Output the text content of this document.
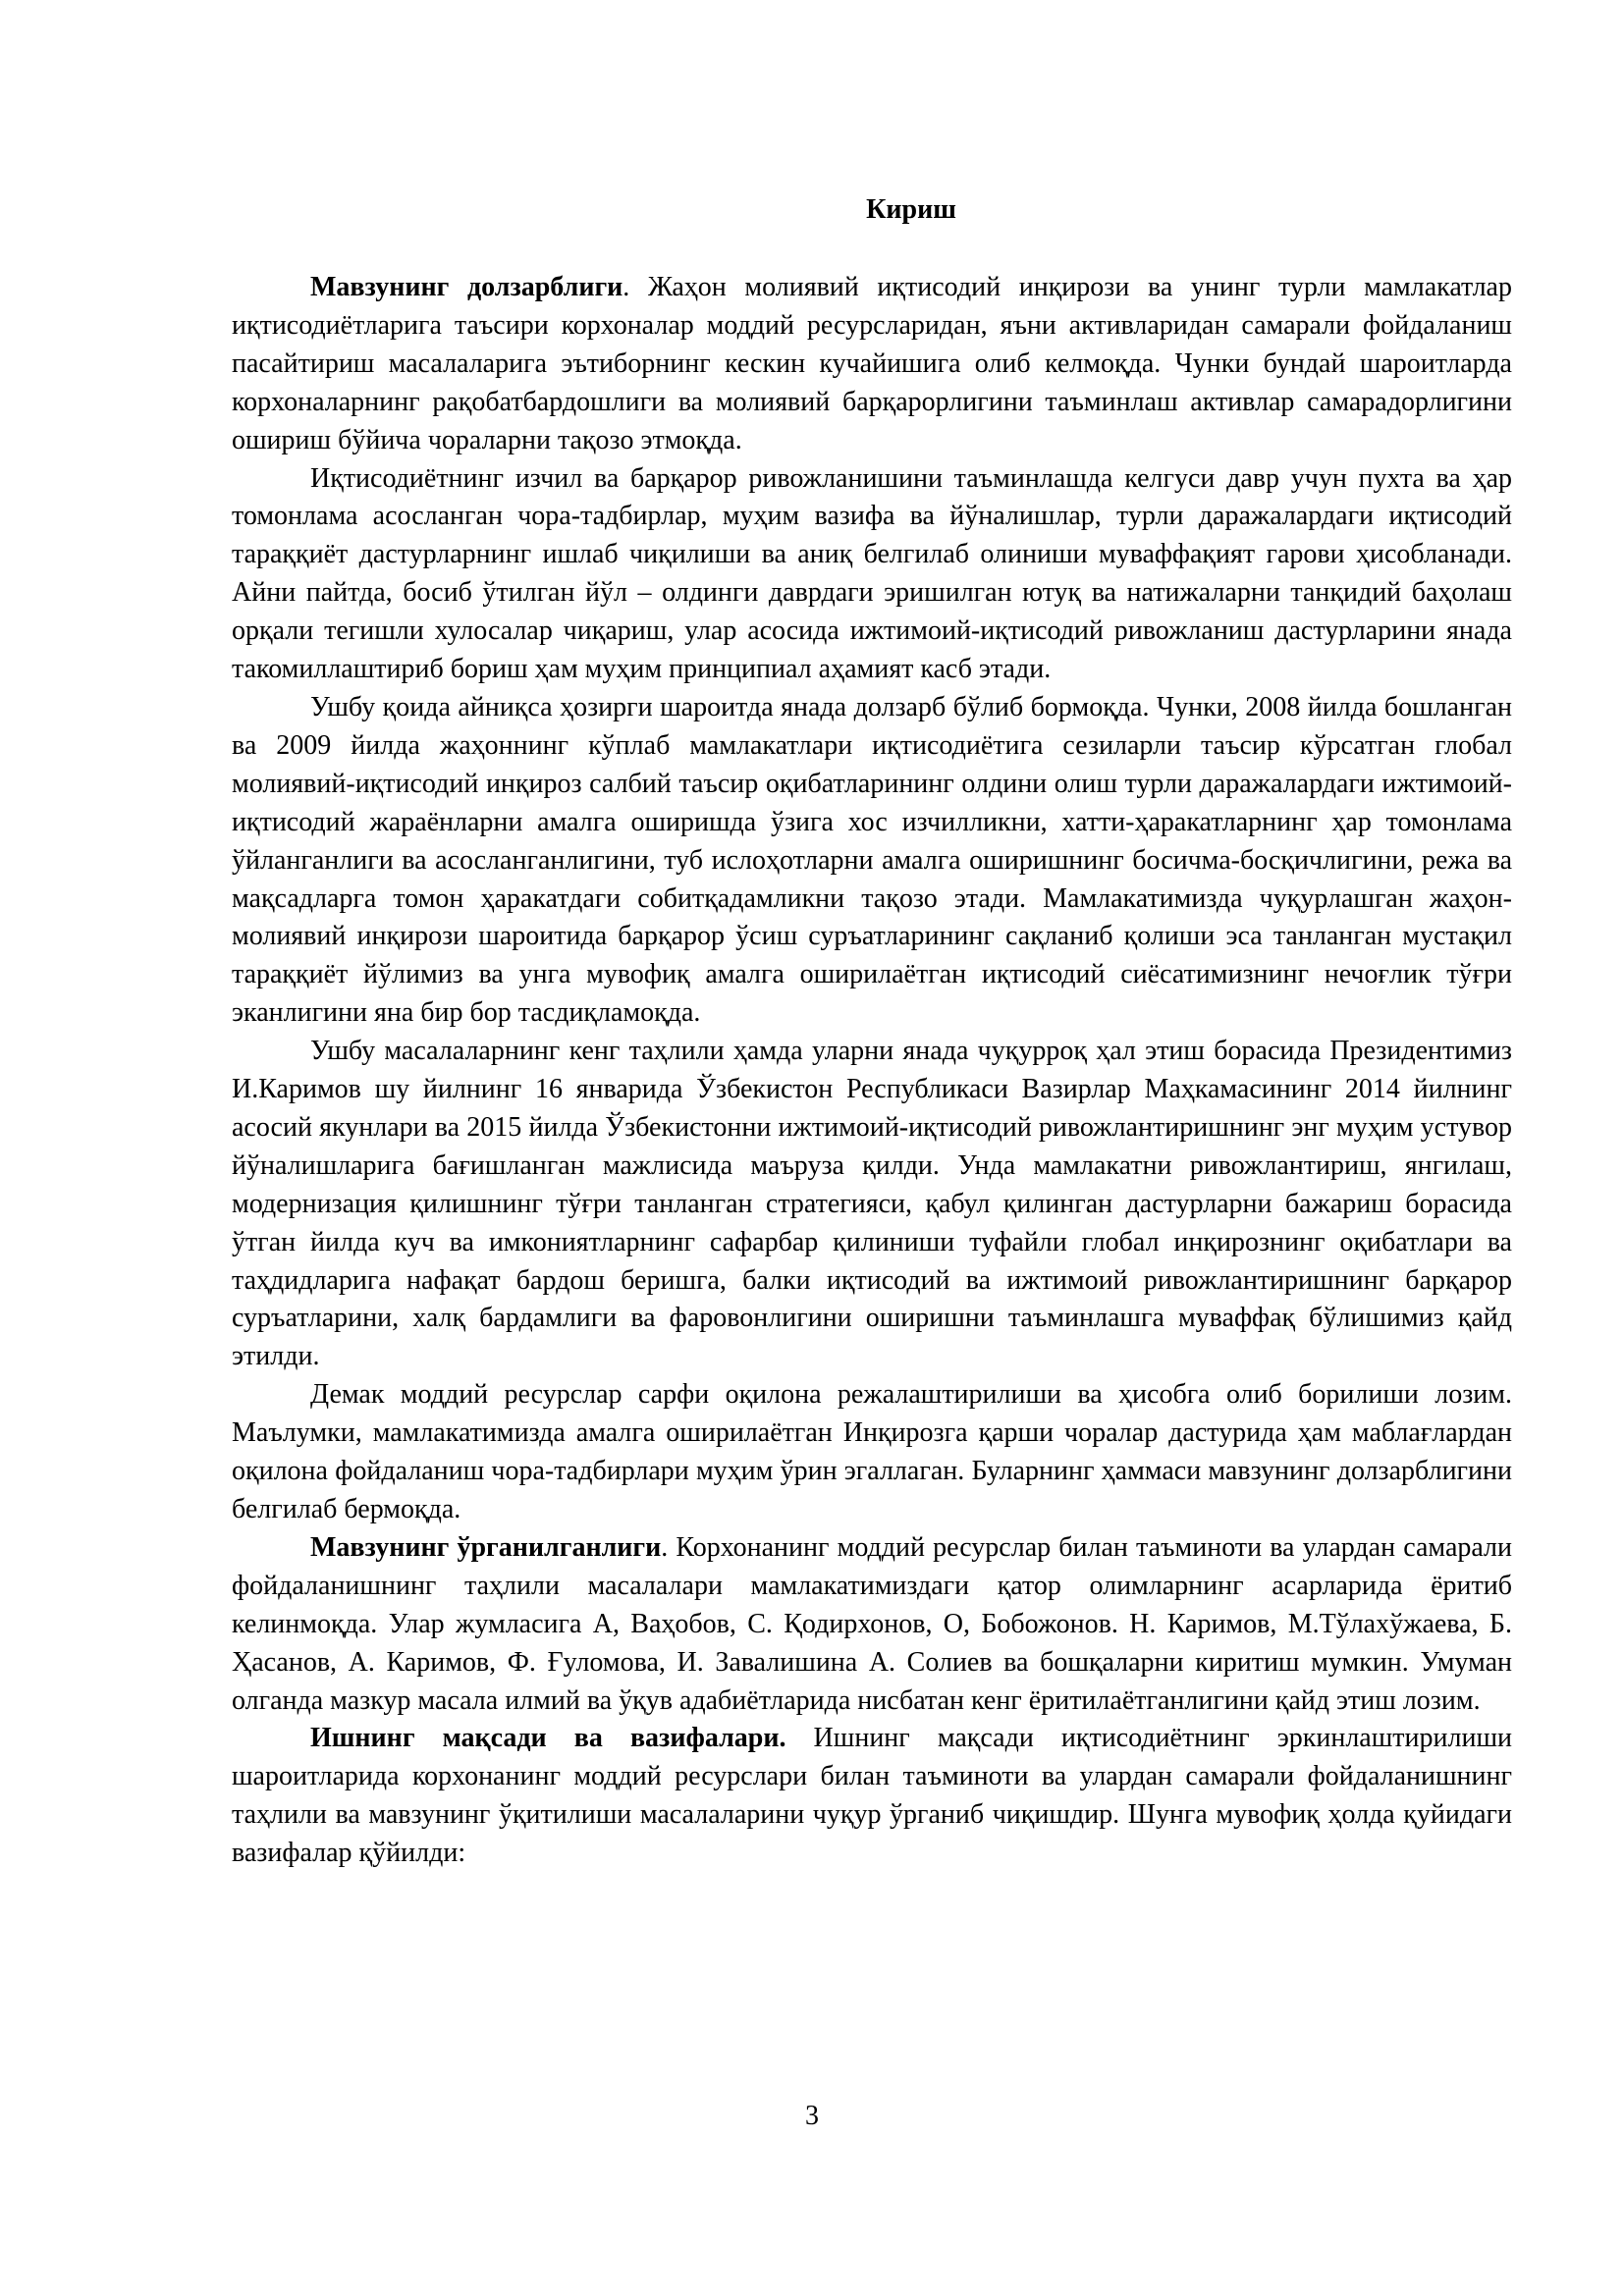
Кириш

Мавзунинг долзарблиги. Жаҳон молиявий иқтисодий инқирози ва унинг турли мамлакатлар иқтисодиётларига таъсири корхоналар моддий ресурсларидан, яъни активларидан самарали фойдаланиш пасайтириш масалаларига эътиборнинг кескин кучайишига олиб келмоқда. Чунки бундай шароитларда корхоналарнинг рақобатбардошлиги ва молиявий барқарорлигини таъминлаш активлар самарадорлигини ошириш бўйича чораларни тақозо этмоқда.

Иқтисодиётнинг изчил ва барқарор ривожланишини таъминлашда келгуси давр учун пухта ва ҳар томонлама асосланган чора-тадбирлар, муҳим вазифа ва йўналишлар, турли даражалардаги иқтисодий тараққиёт дастурларнинг ишлаб чиқилиши ва аниқ белгилаб олиниши муваффақият гарови ҳисобланади. Айни пайтда, босиб ўтилган йўл – олдинги даврдаги эришилган ютуқ ва натижаларни танқидий баҳолаш орқали тегишли хулосалар чиқариш, улар асосида ижтимоий-иқтисодий ривожланиш дастурларини янада такомиллаштириб бориш ҳам муҳим принципиал аҳамият касб этади.

Ушбу қоида айниқса ҳозирги шароитда янада долзарб бўлиб бормоқда. Чунки, 2008 йилда бошланган ва 2009 йилда жаҳоннинг кўплаб мамлакатлари иқтисодиётига сезиларли таъсир кўрсатган глобал молиявий-иқтисодий инқироз салбий таъсир оқибатларининг олдини олиш турли даражалардаги ижтимоий-иқтисодий жараёнларни амалга оширишда ўзига хос изчилликни, хатти-ҳаракатларнинг ҳар томонлама ўйланганлиги ва асосланганлигини, туб ислоҳотларни амалга оширишнинг босичма-босқичлигини, режа ва мақсадларга томон ҳаракатдаги собитқадамликни тақозо этади. Мамлакатимизда чуқурлашган жаҳон-молиявий инқирози шароитида барқарор ўсиш суръатларининг сақланиб қолиши эса танланган мустақил тараққиёт йўлимиз ва унга мувофиқ амалга оширилаётган иқтисодий сиёсатимизнинг нечоғлик тўғри эканлигини яна бир бор тасдиқламоқда.

Ушбу масалаларнинг кенг таҳлили ҳамда уларни янада чуқурроқ ҳал этиш борасида Президентимиз И.Каримов шу йилнинг 16 январида Ўзбекистон Республикаси Вазирлар Маҳкамасининг 2014 йилнинг асосий якунлари ва 2015 йилда Ўзбекистонни ижтимоий-иқтисодий ривожлантиришнинг энг муҳим устувор йўналишларига бағишланган мажлисида маъруза қилди. Унда мамлакатни ривожлантириш, янгилаш, модернизация қилишнинг тўғри танланган стратегияси, қабул қилинган дастурларни бажариш борасида ўтган йилда куч ва имкониятларнинг сафарбар қилиниши туфайли глобал инқирознинг оқибатлари ва таҳдидларига нафақат бардош беришга, балки иқтисодий ва ижтимоий ривожлантиришнинг барқарор суръатларини, халқ бардамлиги ва фаровонлигини оширишни таъминлашга муваффақ бўлишимиз қайд этилди.

Демак моддий ресурслар сарфи оқилона режалаштирилиши ва ҳисобга олиб борилиши лозим. Маълумки, мамлакатимизда амалга оширилаётган Инқирозга қарши чоралар дастурида ҳам маблағлардан оқилона фойдаланиш чора-тадбирлари муҳим ўрин эгаллаган. Буларнинг ҳаммаси мавзунинг долзарблигини белгилаб бермоқда.

Мавзунинг ўрганилганлиги. Корхонанинг моддий ресурслар билан таъминоти ва улардан самарали фойдаланишнинг таҳлили масалалари мамлакатимиздаги қатор олимларнинг асарларида ёритиб келинмоқда. Улар жумласига А, Ваҳобов, С. Қодирхонов, О, Бобожонов. Н. Каримов, М.Тўлахўжаева, Б. Ҳасанов, А. Каримов, Ф. Ғуломова, И. Завалишина А. Солиев ва бошқаларни киритиш мумкин. Умуман олганда мазкур масала илмий ва ўқув адабиётларида нисбатан кенг ёритилаётганлигини қайд этиш лозим.

Ишнинг мақсади ва вазифалари. Ишнинг мақсади иқтисодиётнинг эркинлаштирилиши шароитларида корхонанинг моддий ресурслари билан таъминоти ва улардан самарали фойдаланишнинг таҳлили ва мавзунинг ўқитилиши масалаларини чуқур ўрганиб чиқишдир. Шунга мувофиқ ҳолда қуйидаги вазифалар қўйилди:

3
